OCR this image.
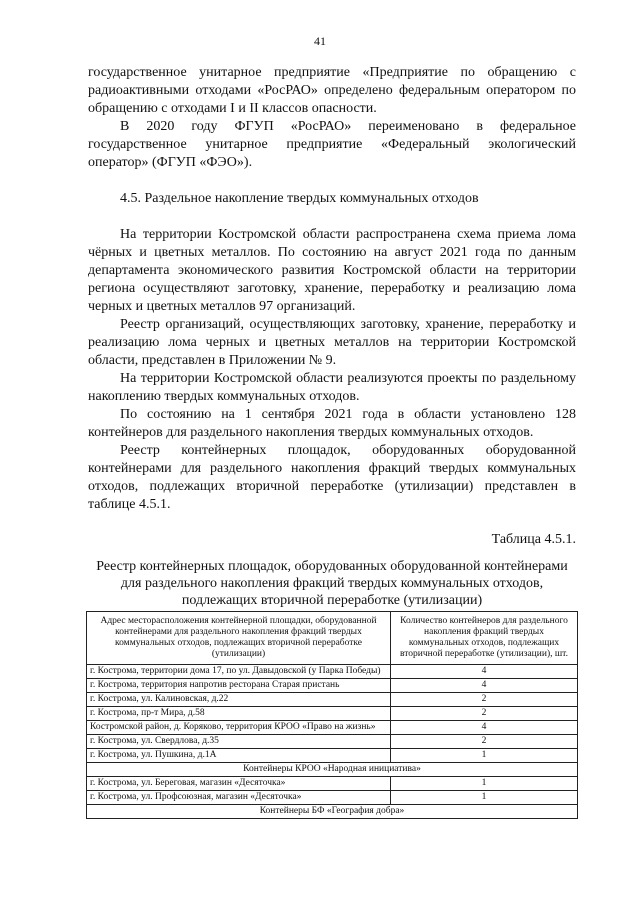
41

государственное унитарное предприятие «Предприятие по обращению с радиоактивными отходами «РосРАО» определено федеральным оператором по обращению с отходами I и II классов опасности.

В 2020 году ФГУП «РосРАО» переименовано в федеральное государственное унитарное предприятие «Федеральный экологический оператор» (ФГУП «ФЭО»).

4.5. Раздельное накопление твердых коммунальных отходов

На территории Костромской области распространена схема приема лома чёрных и цветных металлов. По состоянию на август 2021 года по данным департамента экономического развития Костромской области на территории региона осуществляют заготовку, хранение, переработку и реализацию лома черных и цветных металлов 97 организаций.

Реестр организаций, осуществляющих заготовку, хранение, переработку и реализацию лома черных и цветных металлов на территории Костромской области, представлен в Приложении № 9.

На территории Костромской области реализуются проекты по раздельному накоплению твердых коммунальных отходов.

По состоянию на 1 сентября 2021 года в области установлено 128 контейнеров для раздельного накопления твердых коммунальных отходов.

Реестр контейнерных площадок, оборудованных оборудованной контейнерами для раздельного накопления фракций твердых коммунальных отходов, подлежащих вторичной переработке (утилизации) представлен в таблице 4.5.1.

Таблица 4.5.1.

Реестр контейнерных площадок, оборудованных оборудованной контейнерами для раздельного накопления фракций твердых коммунальных отходов, подлежащих вторичной переработке (утилизации)

Адрес месторасположения контейнерной площадки, оборудованной контейнерами для раздельного накопления фракций твердых коммунальных отходов, подлежащих вторичной переработке (утилизации)	Количество контейнеров для раздельного накопления фракций твердых коммунальных отходов, подлежащих вторичной переработке (утилизации), шт.
г. Кострома, территории дома 17, по ул. Давыдовской (у Парка Победы)	4
г. Кострома, территория напротив ресторана Старая пристань	4
г. Кострома, ул. Калиновская, д.22	2
г. Кострома, пр-т Мира, д.58	2
Костромской район, д. Коряково, территория КРОО «Право на жизнь»	4
г. Кострома, ул. Свердлова, д.35	2
г. Кострома, ул. Пушкина, д.1А	1
Контейнеры КРОО «Народная инициатива»	
г. Кострома, ул. Береговая, магазин «Десяточка»	1
г. Кострома, ул. Профсоюзная, магазин «Десяточка»	1
Контейнеры БФ «География добра»	
